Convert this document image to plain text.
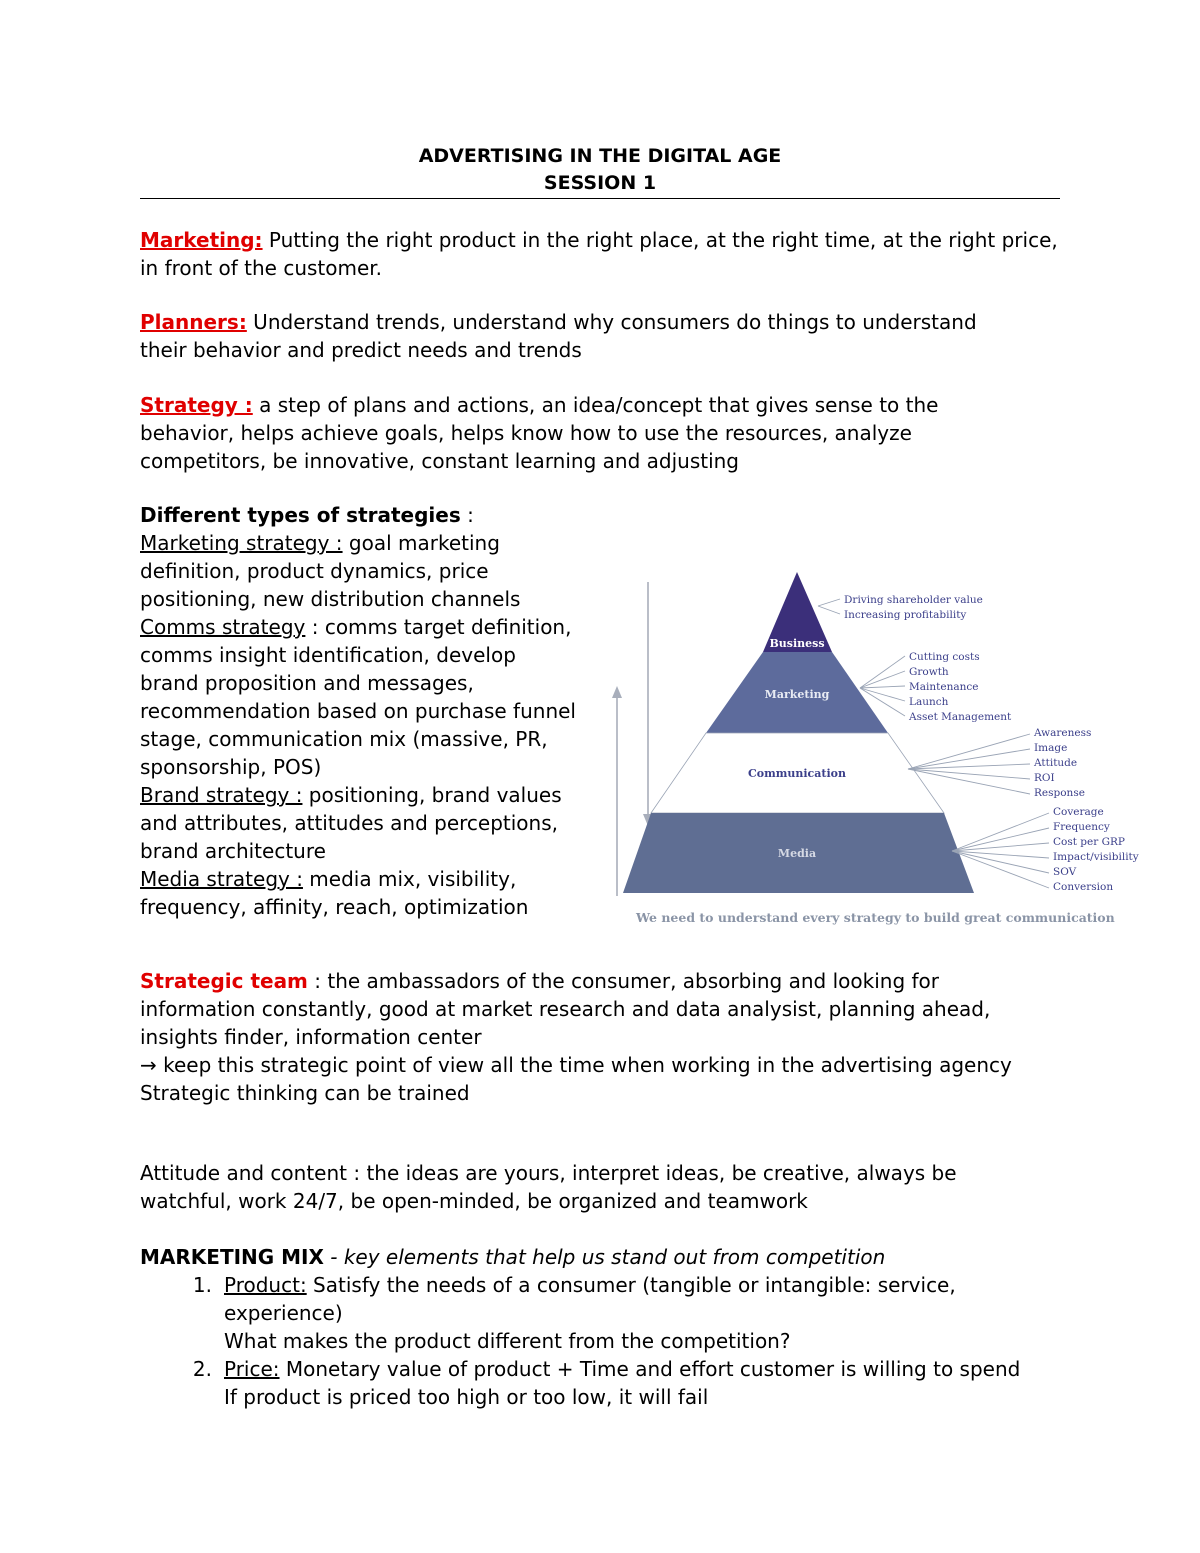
ADVERTISING IN THE DIGITAL AGE
SESSION 1
Marketing: Putting the right product in the right place, at the right time, at the right price, in front of the customer.
Planners: Understand trends, understand why consumers do things to understand their behavior and predict needs and trends
Strategy : a step of plans and actions, an idea/concept that gives sense to the behavior, helps achieve goals, helps know how to use the resources, analyze competitors, be innovative, constant learning and adjusting
Different types of strategies :
Marketing strategy : goal marketing definition, product dynamics, price positioning, new distribution channels
Comms strategy : comms target definition, comms insight identification, develop brand proposition and messages, recommendation based on purchase funnel stage, communication mix (massive, PR, sponsorship, POS)
Brand strategy : positioning, brand values and attributes, attitudes and perceptions, brand architecture
Media strategy : media mix, visibility, frequency, affinity, reach, optimization
Business
Marketing
Communication
Media
Driving shareholder value
Increasing profitability
Cutting costs
Growth
Maintenance
Launch
Asset Management
Awareness
Image
Attitude
ROI
Response
Coverage
Frequency
Cost per GRP
Impact/visibility
SOV
Conversion
We need to understand every strategy to build great communication
Strategic team : the ambassadors of the consumer, absorbing and looking for information constantly, good at market research and data analysist, planning ahead, insights finder, information center
→ keep this strategic point of view all the time when working in the advertising agency
Strategic thinking can be trained
Attitude and content : the ideas are yours, interpret ideas, be creative, always be watchful, work 24/7, be open-minded, be organized and teamwork
MARKETING MIX - key elements that help us stand out from competition
1. Product: Satisfy the needs of a consumer (tangible or intangible: service, experience)
What makes the product different from the competition?
2. Price: Monetary value of product + Time and effort customer is willing to spend
If product is priced too high or too low, it will fail
